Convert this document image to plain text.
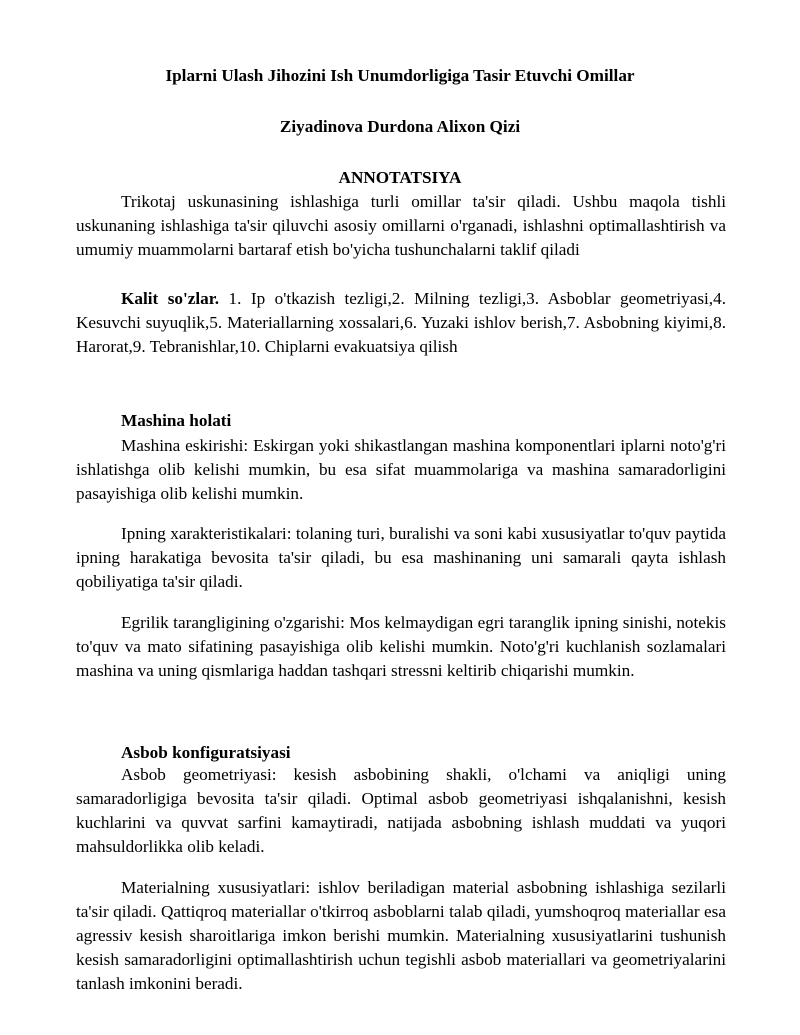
Iplarni Ulash Jihozini Ish Unumdorligiga Tasir Etuvchi Omillar
Ziyadinova Durdona Alixon Qizi
ANNOTATSIYA

Trikotaj uskunasining ishlashiga turli omillar ta'sir qiladi. Ushbu maqola tishli uskunaning ishlashiga ta'sir qiluvchi asosiy omillarni o'rganadi, ishlashni optimallashtirish va umumiy muammolarni bartaraf etish bo'yicha tushunchalarni taklif qiladi

Kalit so'zlar. 1. Ip o'tkazish tezligi,2. Milning tezligi,3. Asboblar geometriyasi,4. Kesuvchi suyuqlik,5. Materiallarning xossalari,6. Yuzaki ishlov berish,7. Asbobning kiyimi,8. Harorat,9. Tebranishlar,10. Chiplarni evakuatsiya qilish

Mashina holati

Mashina eskirishi: Eskirgan yoki shikastlangan mashina komponentlari iplarni noto'g'ri ishlatishga olib kelishi mumkin, bu esa sifat muammolariga va mashina samaradorligini pasayishiga olib kelishi mumkin.

Ipning xarakteristikalari: tolaning turi, buralishi va soni kabi xususiyatlar to'quv paytida ipning harakatiga bevosita ta'sir qiladi, bu esa mashinaning uni samarali qayta ishlash qobiliyatiga ta'sir qiladi.

Egrilik tarangligining o'zgarishi: Mos kelmaydigan egri taranglik ipning sinishi, notekis to'quv va mato sifatining pasayishiga olib kelishi mumkin. Noto'g'ri kuchlanish sozlamalari mashina va uning qismlariga haddan tashqari stressni keltirib chiqarishi mumkin.

Asbob konfiguratsiyasi

Asbob geometriyasi: kesish asbobining shakli, o'lchami va aniqligi uning samaradorligiga bevosita ta'sir qiladi. Optimal asbob geometriyasi ishqalanishni, kesish kuchlarini va quvvat sarfini kamaytiradi, natijada asbobning ishlash muddati va yuqori mahsuldorlikka olib keladi.

Materialning xususiyatlari: ishlov beriladigan material asbobning ishlashiga sezilarli ta'sir qiladi. Qattiqroq materiallar o'tkirroq asboblarni talab qiladi, yumshoqroq materiallar esa agressiv kesish sharoitlariga imkon berishi mumkin. Materialning xususiyatlarini tushunish kesish samaradorligini optimallashtirish uchun tegishli asbob materiallari va geometriyalarini tanlash imkonini beradi.
